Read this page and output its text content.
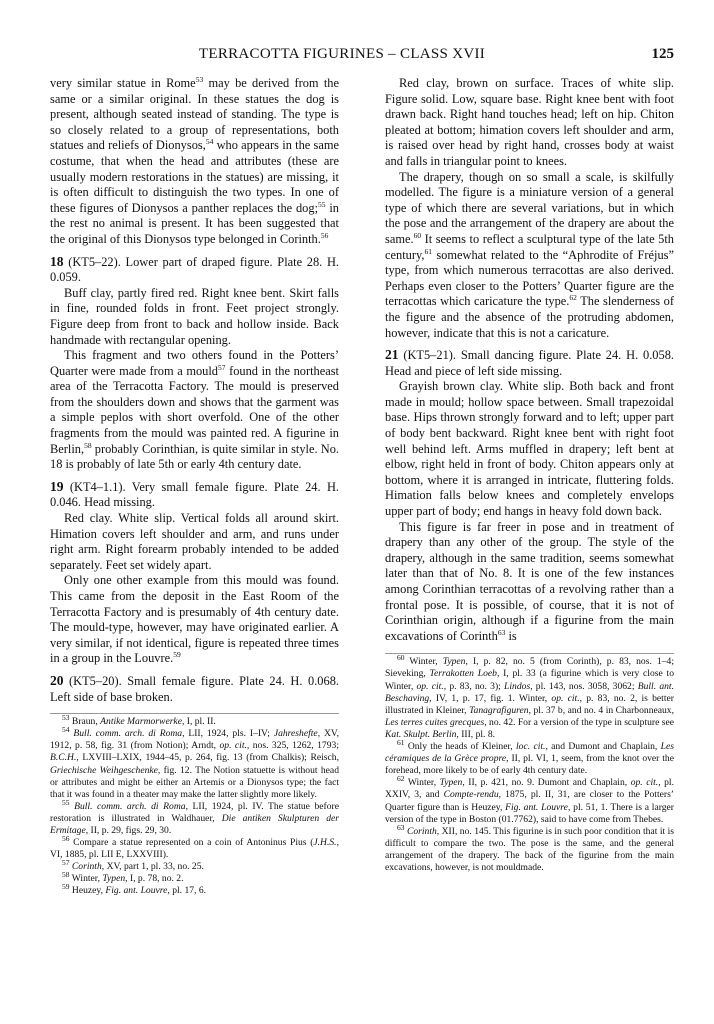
TERRACOTTA FIGURINES – CLASS XVII	125

very similar statue in Rome$^{53}$ may be derived from the same or a similar original. In these statues the dog is present, although seated instead of standing. The type is so closely related to a group of representations, both statues and reliefs of Dionysos,$^{54}$ who appears in the same costume, that when the head and attributes (these are usually modern restorations in the statues) are missing, it is often difficult to distinguish the two types. In one of these figures of Dionysos a panther replaces the dog;$^{55}$ in the rest no animal is present. It has been suggested that the original of this Dionysos type belonged in Corinth.$^{56}$

18 (KT5–22). Lower part of draped figure. Plate 28. H. 0.059.

Buff clay, partly fired red. Right knee bent. Skirt falls in fine, rounded folds in front. Feet project strongly. Figure deep from front to back and hollow inside. Back handmade with rectangular opening.

This fragment and two others found in the Potters’ Quarter were made from a mould$^{57}$ found in the northeast area of the Terracotta Factory. The mould is preserved from the shoulders down and shows that the garment was a simple peplos with short overfold. One of the other fragments from the mould was painted red. A figurine in Berlin,$^{58}$ probably Corinthian, is quite similar in style. No. 18 is probably of late 5th or early 4th century date.

19 (KT4–1.1). Very small female figure. Plate 24. H. 0.046. Head missing.

Red clay. White slip. Vertical folds all around skirt. Himation covers left shoulder and arm, and runs under right arm. Right forearm probably intended to be added separately. Feet set widely apart.

Only one other example from this mould was found. This came from the deposit in the East Room of the Terracotta Factory and is presumably of 4th century date. The mould-type, however, may have originated earlier. A very similar, if not identical, figure is repeated three times in a group in the Louvre.$^{59}$

20 (KT5–20). Small female figure. Plate 24. H. 0.068. Left side of base broken.

$^{53}$ Braun, Antike Marmorwerke, I, pl. II.

$^{54}$ Bull. comm. arch. di Roma, LII, 1924, pls. I–IV; Jahreshefte, XV, 1912, p. 58, fig. 31 (from Notion); Arndt, op. cit., nos. 325, 1262, 1793; B.C.H., LXVIII–LXIX, 1944–45, p. 264, fig. 13 (from Chalkis); Reisch, Griechische Weihgeschenke, fig. 12. The Notion statuette is without head or attributes and might be either an Artemis or a Dionysos type; the fact that it was found in a theater may make the latter slightly more likely.

$^{55}$ Bull. comm. arch. di Roma, LII, 1924, pl. IV. The statue before restoration is illustrated in Waldhauer, Die antiken Skulpturen der Ermitage, II, p. 29, figs. 29, 30.

$^{56}$ Compare a statue represented on a coin of Antoninus Pius (J.H.S., VI, 1885, pl. LII E, LXXVIII).

$^{57}$ Corinth, XV, part 1, pl. 33, no. 25.

$^{58}$ Winter, Typen, I, p. 78, no. 2.

$^{59}$ Heuzey, Fig. ant. Louvre, pl. 17, 6.

Red clay, brown on surface. Traces of white slip. Figure solid. Low, square base. Right knee bent with foot drawn back. Right hand touches head; left on hip. Chiton pleated at bottom; himation covers left shoulder and arm, is raised over head by right hand, crosses body at waist and falls in triangular point to knees.

The drapery, though on so small a scale, is skilfully modelled. The figure is a miniature version of a general type of which there are several variations, but in which the pose and the arrangement of the drapery are about the same.$^{60}$ It seems to reflect a sculptural type of the late 5th century,$^{61}$ somewhat related to the “Aphrodite of Fréjus” type, from which numerous terracottas are also derived. Perhaps even closer to the Potters’ Quarter figure are the terracottas which caricature the type.$^{62}$ The slenderness of the figure and the absence of the protruding abdomen, however, indicate that this is not a caricature.

21 (KT5–21). Small dancing figure. Plate 24. H. 0.058. Head and piece of left side missing.

Grayish brown clay. White slip. Both back and front made in mould; hollow space between. Small trapezoidal base. Hips thrown strongly forward and to left; upper part of body bent backward. Right knee bent with right foot well behind left. Arms muffled in drapery; left bent at elbow, right held in front of body. Chiton appears only at bottom, where it is arranged in intricate, fluttering folds. Himation falls below knees and completely envelops upper part of body; end hangs in heavy fold down back.

This figure is far freer in pose and in treatment of drapery than any other of the group. The style of the drapery, although in the same tradition, seems somewhat later than that of No. 8. It is one of the few instances among Corinthian terracottas of a revolving rather than a frontal pose. It is possible, of course, that it is not of Corinthian origin, although if a figurine from the main excavations of Corinth$^{63}$ is

$^{60}$ Winter, Typen, I, p. 82, no. 5 (from Corinth), p. 83, nos. 1–4; Sieveking, Terrakotten Loeb, I, pl. 33 (a figurine which is very close to Winter, op. cit., p. 83, no. 3); Lindos, pl. 143, nos. 3058, 3062; Bull. ant. Beschaving, IV, 1, p. 17, fig. 1. Winter, op. cit., p. 83, no. 2, is better illustrated in Kleiner, Tanagrafiguren, pl. 37 b, and no. 4 in Charbonneaux, Les terres cuites grecques, no. 42. For a version of the type in sculpture see Kat. Skulpt. Berlin, III, pl. 8.

$^{61}$ Only the heads of Kleiner, loc. cit., and Dumont and Chaplain, Les céramiques de la Grèce propre, II, pl. VI, 1, seem, from the knot over the forehead, more likely to be of early 4th century date.

$^{62}$ Winter, Typen, II, p. 421, no. 9. Dumont and Chaplain, op. cit., pl. XXIV, 3, and Compte-rendu, 1875, pl. II, 31, are closer to the Potters’ Quarter figure than is Heuzey, Fig. ant. Louvre, pl. 51, 1. There is a larger version of the type in Boston (01.7762), said to have come from Thebes.

$^{63}$ Corinth, XII, no. 145. This figurine is in such poor condition that it is difficult to compare the two. The pose is the same, and the general arrangement of the drapery. The back of the figurine from the main excavations, however, is not mouldmade.
